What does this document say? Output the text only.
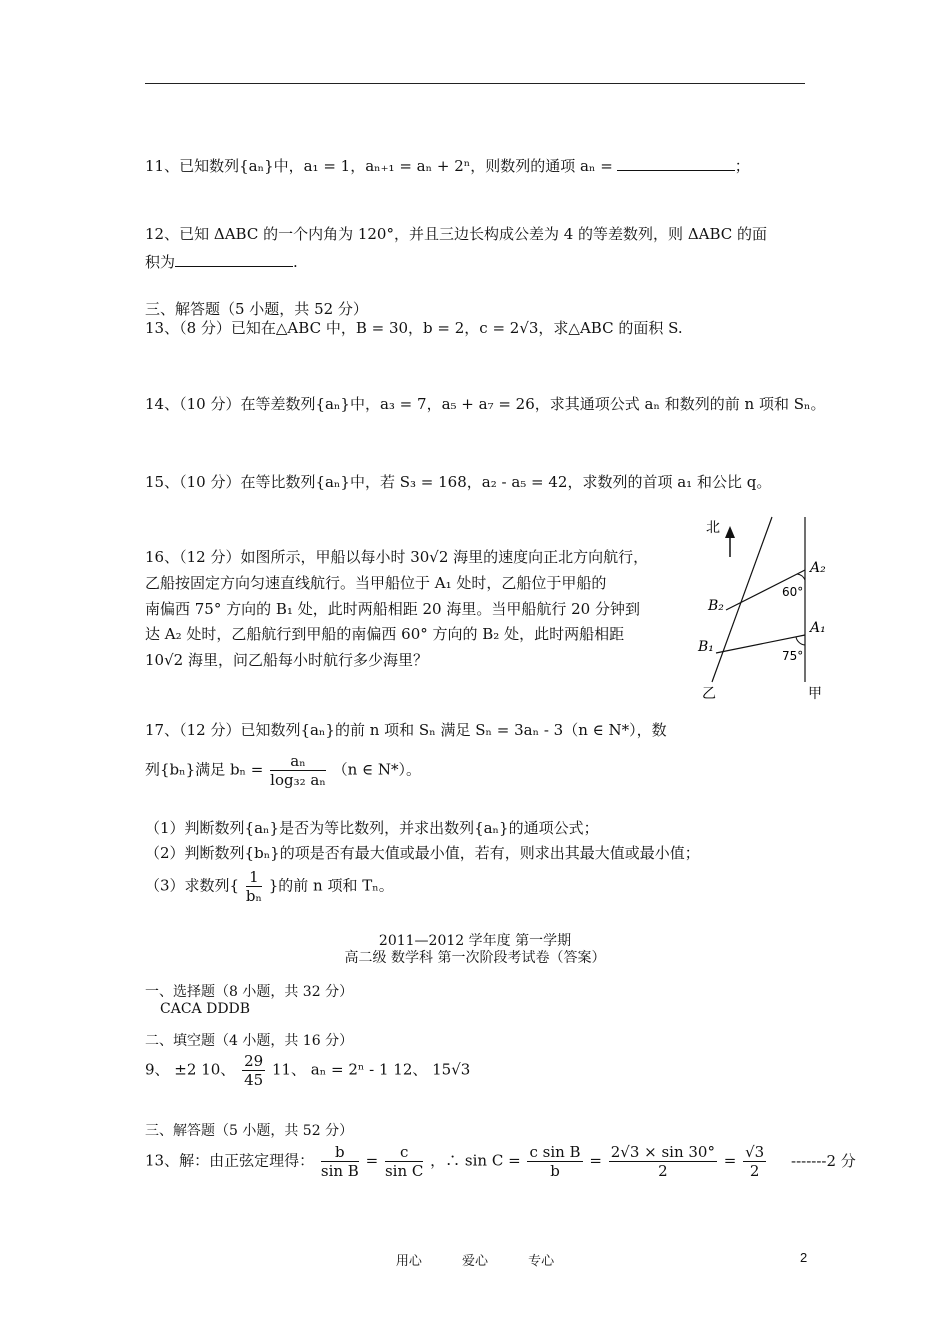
11、已知数列{aₙ}中，a₁ = 1，aₙ₊₁ = aₙ + 2ⁿ，则数列的通项 aₙ =	；
12、已知 ΔABC 的一个内角为 120°，并且三边长构成公差为 4 的等差数列，则 ΔABC 的面
积为	.
三、解答题（5 小题，共 52 分）
13、（8 分）已知在△ABC 中，B = 30，b = 2，c = 2√3，求△ABC 的面积 S.
14、（10 分）在等差数列{aₙ}中，a₃ = 7，a₅ + a₇ = 26，求其通项公式 aₙ 和数列的前 n 项和 Sₙ。
15、（10 分）在等比数列{aₙ}中，若 S₃ = 168，a₂ - a₅ = 42，求数列的首项 a₁ 和公比 q。
16、（12 分）如图所示，甲船以每小时 30√2 海里的速度向正北方向航行，
乙船按固定方向匀速直线航行。当甲船位于 A₁ 处时，乙船位于甲船的
南偏西 75° 方向的 B₁ 处，此时两船相距 20 海里。当甲船航行 20 分钟到
达 A₂ 处时，乙船航行到甲船的南偏西 60° 方向的 B₂ 处，此时两船相距
10√2 海里，问乙船每小时航行多少海里？
北
A₂
A₁
B₂
B₁
60°
75°
乙	甲
17、（12 分）已知数列{aₙ}的前 n 项和 Sₙ 满足 Sₙ = 3aₙ - 3（n ∈ N*），数
列{bₙ}满足 $b_n = \frac{\text{aₙ}}{\text{log₃₂ aₙ}} (n$ ∈ N*）。
（1）判断数列{aₙ}是否为等比数列，并求出数列{aₙ}的通项公式；
（2）判断数列{bₙ}的项是否有最大值或最小值，若有，则求出其最大值或最小值；
（3）求数列{ $\frac{1}{\text{bₙ}}$ }的前 n 项和 Tₙ。
2011—2012 学年度 第一学期
高二级 数学科 第一次阶段考试卷（答案）
一、选择题（8 小题，共 32 分）
CACA DDDB
二、填空题（4 小题，共 16 分）
9、 ±2 10、 $\frac{29}{45} 11$、 aₙ = 2ⁿ - 1 12、 15√3
三、解答题（5 小题，共 52 分）
13、解：由正弦定理得： $\frac{b}{\text{sin B}} = \frac{c}{\text{sin C}}$ ，∴ $\sin C = \frac{\text{c sin B}}{b} = \frac{2√3 \times \sin 30^\circ}{2} = \frac{√3}{2} -------2$ 分
用心	爱心	专心	2
